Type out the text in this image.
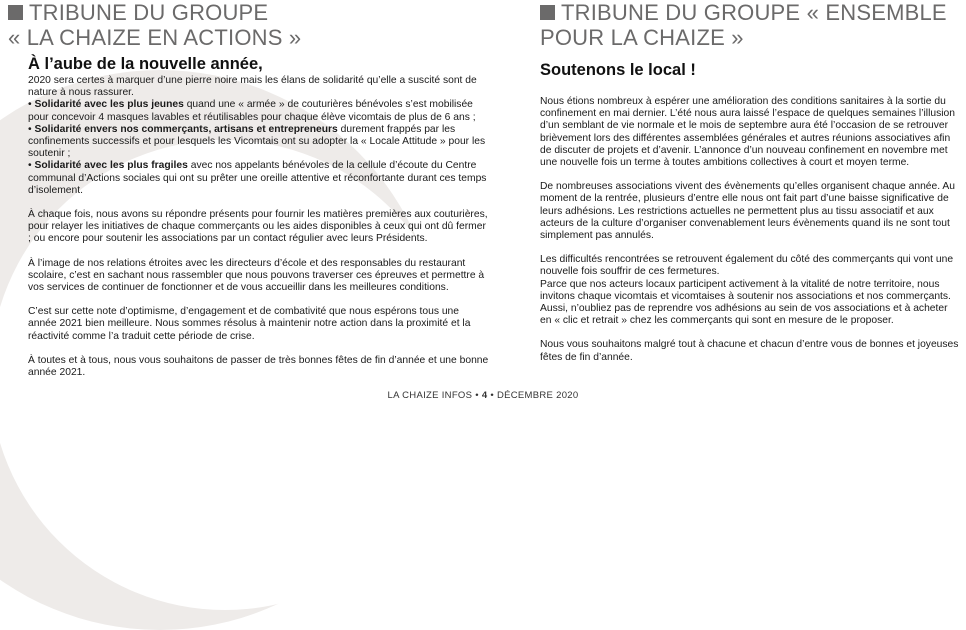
TRIBUNE DU GROUPE
« LA CHAIZE EN ACTIONS »
À l’aube de la nouvelle année,

2020 sera certes à marquer d’une pierre noire mais les élans de solidarité qu’elle a suscité sont de nature à nous rassurer.

• Solidarité avec les plus jeunes quand une « armée » de couturières bénévoles s’est mobilisée pour concevoir 4 masques lavables et réutilisables pour chaque élève vicomtais de plus de 6 ans ;

• Solidarité envers nos commerçants, artisans et entrepreneurs durement frappés par les confinements successifs et pour lesquels les Vicomtais ont su adopter la « Locale Attitude » pour les soutenir ;

• Solidarité avec les plus fragiles avec nos appelants bénévoles de la cellule d’écoute du Centre communal d’Actions sociales qui ont su prêter une oreille attentive et réconfortante durant ces temps d’isolement.

À chaque fois, nous avons su répondre présents pour fournir les matières premières aux couturières, pour relayer les initiatives de chaque commerçants ou les aides disponibles à ceux qui ont dû fermer ; ou encore pour soutenir les associations par un contact régulier avec leurs Présidents.

À l’image de nos relations étroites avec les directeurs d’école et des responsables du restaurant scolaire, c’est en sachant nous rassembler que nous pouvons traverser ces épreuves et permettre à vos services de continuer de fonctionner et de vous accueillir dans les meilleures conditions.

C’est sur cette note d’optimisme, d’engagement et de combativité que nous espérons tous une année 2021 bien meilleure. Nous sommes résolus à maintenir notre action dans la proximité et la réactivité comme l’a traduit cette période de crise.

À toutes et à tous, nous vous souhaitons de passer de très bonnes fêtes de fin d’année et une bonne année 2021.

TRIBUNE DU GROUPE « ENSEMBLE
POUR LA CHAIZE »
Soutenons le local !

Nous étions nombreux à espérer une amélioration des conditions sanitaires à la sortie du confinement en mai dernier. L’été nous aura laissé l’espace de quelques semaines l’illusion d’un semblant de vie normale et le mois de septembre aura été l’occasion de se retrouver brièvement lors des différentes assemblées générales et autres réunions associatives afin de discuter de projets et d’avenir. L’annonce d’un nouveau confinement en novembre met une nouvelle fois un terme à toutes ambitions collectives à court et moyen terme.

De nombreuses associations vivent des évènements qu’elles organisent chaque année. Au moment de la rentrée, plusieurs d’entre elle nous ont fait part d’une baisse significative de leurs adhésions. Les restrictions actuelles ne permettent plus au tissu associatif et aux acteurs de la culture d’organiser convenablement leurs évènements quand ils ne sont tout simplement pas annulés.

Les difficultés rencontrées se retrouvent également du côté des commerçants qui vont une nouvelle fois souffrir de ces fermetures.

Parce que nos acteurs locaux participent activement à la vitalité de notre territoire, nous invitons chaque vicomtais et vicomtaises à soutenir nos associations et nos commerçants. Aussi, n’oubliez pas de reprendre vos adhésions au sein de vos associations et à acheter en « clic et retrait » chez les commerçants qui sont en mesure de le proposer.

Nous vous souhaitons malgré tout à chacune et chacun d’entre vous de bonnes et joyeuses fêtes de fin d’année.

LA CHAIZE INFOS • 4 • DÉCEMBRE 2020
